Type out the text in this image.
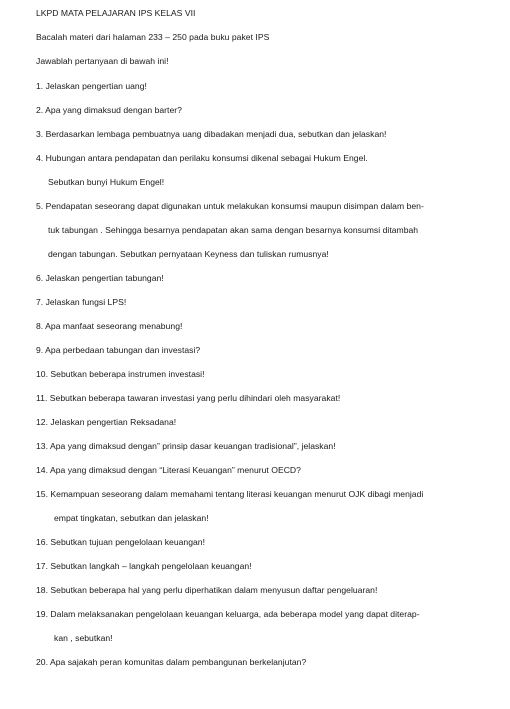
LKPD MATA PELAJARAN IPS KELAS VII
Bacalah materi dari halaman 233 – 250 pada buku paket IPS
Jawablah pertanyaan di bawah ini!
1. Jelaskan pengertian uang!
2. Apa yang dimaksud dengan barter?
3. Berdasarkan lembaga pembuatnya uang dibadakan menjadi dua, sebutkan dan jelaskan!
4. Hubungan antara pendapatan dan perilaku konsumsi dikenal sebagai Hukum Engel.
Sebutkan bunyi Hukum Engel!
5. Pendapatan seseorang dapat digunakan untuk melakukan konsumsi maupun disimpan dalam ben-
tuk tabungan . Sehingga besarnya pendapatan akan sama dengan besarnya konsumsi ditambah
dengan tabungan. Sebutkan pernyataan Keyness dan tuliskan rumusnya!
6. Jelaskan pengertian tabungan!
7. Jelaskan fungsi LPS!
8. Apa manfaat seseorang menabung!
9. Apa perbedaan tabungan dan investasi?
10. Sebutkan beberapa instrumen investasi!
11. Sebutkan beberapa tawaran investasi yang perlu dihindari oleh masyarakat!
12. Jelaskan pengertian Reksadana!
13. Apa yang dimaksud dengan” prinsip dasar keuangan tradisional”, jelaskan!
14. Apa yang dimaksud dengan “Literasi Keuangan” menurut OECD?
15. Kemampuan seseorang dalam memahami tentang literasi keuangan menurut OJK dibagi menjadi
empat tingkatan, sebutkan dan jelaskan!
16. Sebutkan tujuan pengelolaan keuangan!
17. Sebutkan langkah – langkah pengelolaan keuangan!
18. Sebutkan beberapa hal yang perlu diperhatikan dalam menyusun daftar pengeluaran!
19. Dalam melaksanakan pengelolaan keuangan keluarga, ada beberapa model yang dapat diterap-
kan , sebutkan!
20. Apa sajakah peran komunitas dalam pembangunan berkelanjutan?
